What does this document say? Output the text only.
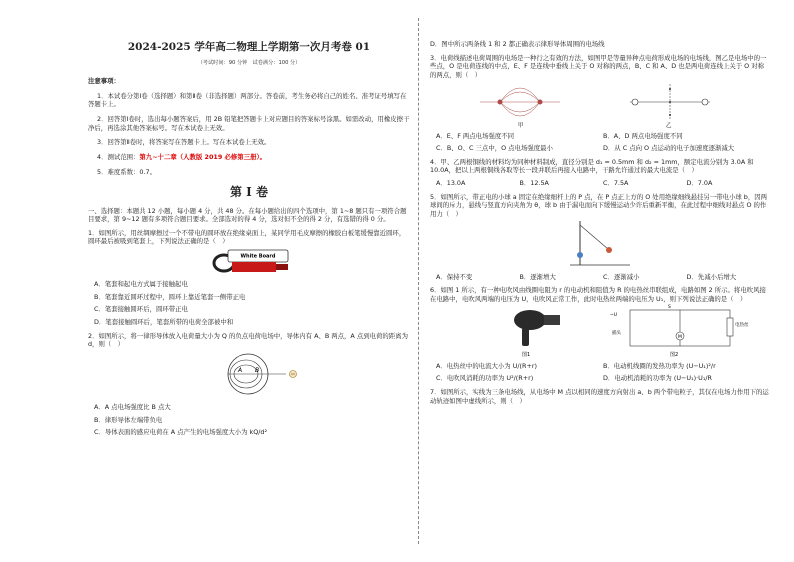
2024-2025 学年高二物理上学期第一次月考卷 01
（考试时间：90 分钟　试卷满分：100 分）
注意事项：

1．本试卷分第Ⅰ卷（选择题）和第Ⅱ卷（非选择题）两部分。答卷前，考生务必将自己的姓名、准考证号填写在答题卡上。

2．回答第Ⅰ卷时，选出每小题答案后，用 2B 铅笔把答题卡上对应题目的答案标号涂黑。如需改动，用橡皮擦干净后，再选涂其他答案标号。写在本试卷上无效。

3．回答第Ⅱ卷时，将答案写在答题卡上。写在本试卷上无效。

4．测试范围：第九~十二章（人教版 2019 必修第三册）。

5．难度系数：0.7。

第 Ⅰ 卷

一、选择题：本题共 12 小题，每小题 4 分，共 48 分。在每小题给出的四个选项中，第 1~8 题只有一项符合题目要求，第 9~12 题有多项符合题目要求。全部选对的得 4 分，选对但不全的得 2 分，有选错的得 0 分。

1．如图所示，用丝绸摩擦过一个不带电的圆环放在绝缘桌面上，某同学用毛皮摩擦的橡胶白板笔缓慢靠近圆环，圆环最后被吸到笔套上，下列说法正确的是（　）

White Board

A．笔套和起电方式属于接触起电

B．笔套靠近圆环过程中，圆环上靠近笔套一侧带正电

C．笔套接触圆环后，圆环带正电

D．笔套接触圆环后，笔套所带的电荷全部被中和

2．如图所示，将一律形导体放入电荷量大小为 Q 的负点电荷电场中，导体内有 A、B 两点，A 点到电荷的距离为 d，则（　）

A B

A．A 点电场强度比 B 点大

B．律形导体左端带负电

C．导体表面的感应电荷在 A 点产生的电场强度大小为 kQ/d²

D．图中所示两条线 1 和 2 都正确表示律形导体周围的电场线

3．电荷线描述电荷周围的电场是一种行之有效的方法，如图甲是等量异种点电荷形成电场的电场线，图乙是电场中的一些点，O 是电荷连线的中点，E、F 是连线中垂线上关于 O 对称的两点，B、C 和 A、D 也是两电荷连线上关于 O 对称的两点，则（　）

甲	乙
A．E、F 两点电场强度不同	B．A、D 两点电场强度不同
C．B、O、C 三点中，O 点电场强度最小	D．从 C 点向 O 点运动的电子加速度逐渐减大

4．甲、乙两根铜线的材料均为同种材料制成，直径分别是 d₁ = 0.5mm 和 d₂ = 1mm，额定电流分别为 3.0A 和 10.0A，把以上两根铜线各取等长一段并联后再接入电路中，干路允许通过的最大电流是（　）

A．13.0A	B．12.5A	C．7.5A	D．7.0A

5．如图所示，带正电的小球 a 固定在绝缘细杆上的 P 点，在 P 点正上方的 O 处用绝缘细线悬挂另一带电小球 b，因两球间的斥力，悬线与竖直方向夹角为 θ，球 b 由于漏电而向下缓慢运动少许后重新平衡，在此过程中细线对悬点 O 的作用力（　）

A．保持不变	B．逐渐增大	C．逐渐减小	D．先减小后增大

6．如图 1 所示，有一种电吹风由线圈电阻为 r 的电动机和阻值为 R 的电热丝串联组成，电路如图 2 所示。将电吹风接在电路中，电吹风两端的电压为 U，电吹风正常工作，此时电热丝两端的电压为 U₁，则下列说法正确的是（　）

图1
M
电热丝
~U
插头
S
图2
A．电热丝中的电流大小为 U/(R+r)	B．电动机线圈的发热功率为 (U−U₁)²/r
C．电吹风消耗的功率为 U²/(R+r)	D．电动机消耗的功率为 (U−U₁)·U₁/R

7．如图所示，实线为三条电场线，从电场中 M 点以相同的速度方向射出 a、b 两个带电粒子，其仅在电场力作用下的运动轨迹如图中虚线所示，则（　）
